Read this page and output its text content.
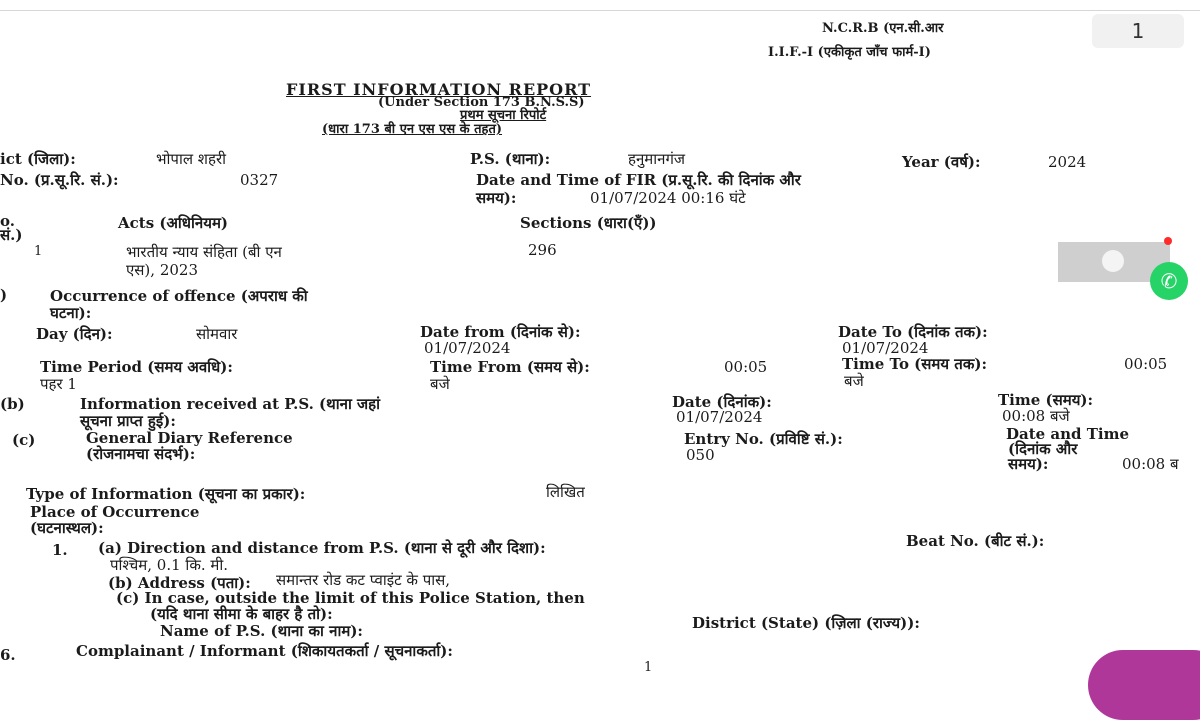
N.C.R.B (एन.सी.आर	1
I.I.F.-I (एकीकृत जाँच फार्म-I)
FIRST INFORMATION REPORT
(Under Section 173 B.N.S.S)
प्रथम सूचना रिपोर्ट
(धारा 173 बी एन एस एस के तहत)
ict (जिला):	भोपाल शहरी	P.S. (थाना):	हनुमानगंज	Year (वर्ष):	2024
No. (प्र.सू.रि. सं.):	0327	Date and Time of FIR (प्र.सू.रि. की दिनांक और
समय):	01/07/2024 00:16 घंटे
o.
सं.)
Acts (अधिनियम)	Sections (धारा(एँ))
1	भारतीय न्याय संहिता (बी एन
एस), 2023
296
✆
)	Occurrence of offence (अपराध की
घटना):
Day (दिन):	सोमवार	Date from (दिनांक से):
01/07/2024
Date To (दिनांक तक):
01/07/2024
Time Period (समय अवधि):
पहर 1
Time From (समय से):	00:05
बजे
Time To (समय तक):	00:05
बजे
(b)	Information received at P.S. (थाना जहां
सूचना प्राप्त हुई):
Date (दिनांक):
01/07/2024
Time (समय):
00:08 बजे
(c)	General Diary Reference
(रोजनामचा संदर्भ):
Entry No. (प्रविष्टि सं.):
050
Date and Time
(दिनांक और
समय):	00:08 ब
Type of Information (सूचना का प्रकार):	लिखित
Place of Occurrence
(घटनास्थल):
1. (a) Direction and distance from P.S. (थाना से दूरी और दिशा):	Beat No. (बीट सं.):
पश्चिम, 0.1 कि. मी.
(b) Address (पता): समान्तर रोड कट प्वाइंट के पास,
(c) In case, outside the limit of this Police Station, then
(यदि थाना सीमा के बाहर है तो):
Name of P.S. (थाना का नाम):	District (State) (ज़िला (राज्य)):
6.	Complainant / Informant (शिकायतकर्ता / सूचनाकर्ता):
1
